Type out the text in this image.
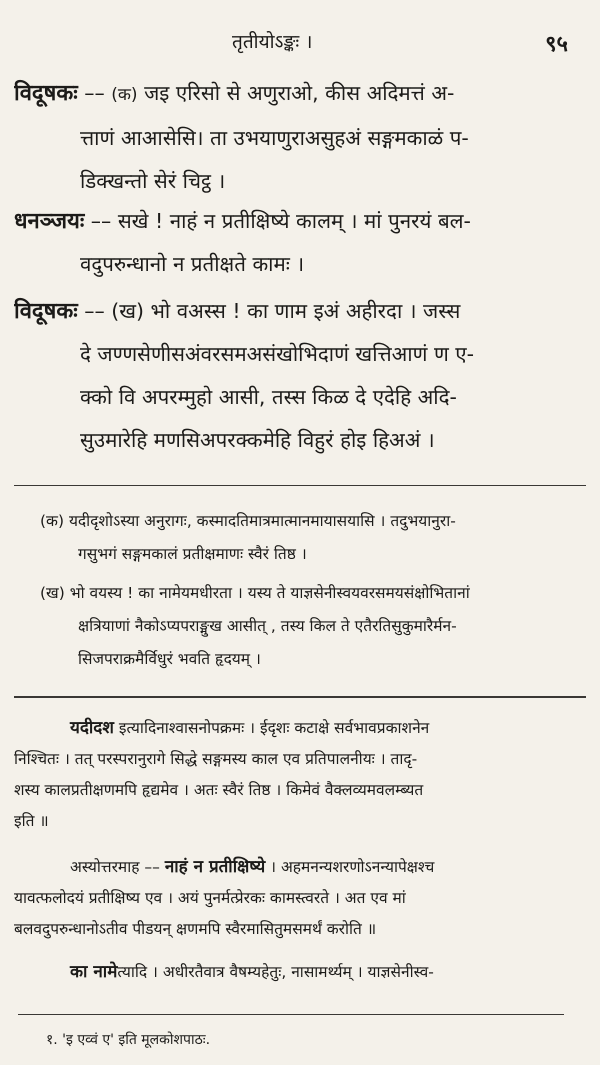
तृतीयोऽङ्कः ।	९५
विदूषकः –– (क) जइ एरिसो से अणुराओ, कीस अदिमत्तं अ-
त्ताणं आआसेसि। ता उभयाणुराअसुहअं सङ्गमकाळं प-
डिक्खन्तो सेरं चिट्ठ ।
धनञ्जयः –– सखे ! नाहं न प्रतीक्षिष्ये कालम् । मां पुनरयं बल-
वदुपरुन्धानो न प्रतीक्षते कामः ।
विदूषकः –– (ख) भो वअस्स ! का णाम इअं अहीरदा । जस्स
दे जण्णसेणीसअंवरसमअसंखोभिदाणं खत्तिआणं ण ए-
क्को वि अपरम्मुहो आसी, तस्स किळ दे एदेहि अदि-
सुउमारेहि मणसिअपरक्कमेहि विहुरं होइ हिअअं ।
(क) यदीदृशोऽस्या अनुरागः, कस्मादतिमात्रमात्मानमायासयासि । तदुभयानुरा-
गसुभगं सङ्गमकालं प्रतीक्षमाणः स्वैरं तिष्ठ ।
(ख) भो वयस्य ! का नामेयमधीरता । यस्य ते याज्ञसेनीस्वयवरसमयसंक्षोभितानां
क्षत्रियाणां नैकोऽप्यपराङ्मुख आसीत् , तस्य किल ते एतैरतिसुकुमारैर्मन-
सिजपराक्रमैर्विधुरं भवति हृदयम् ।
यदीदश इत्यादिनाश्वासनोपक्रमः । ईदृशः कटाक्षे सर्वभावप्रकाशनेन
निश्चितः । तत् परस्परानुरागे सिद्धे सङ्गमस्य काल एव प्रतिपालनीयः । तादृ-
शस्य कालप्रतीक्षणमपि हृद्यमेव । अतः स्वैरं तिष्ठ । किमेवं वैक्लव्यमवलम्ब्यत
इति ॥
अस्योत्तरमाह –– नाहं न प्रतीक्षिष्ये । अहमनन्यशरणोऽनन्यापेक्षश्च
यावत्फलोदयं प्रतीक्षिष्य एव । अयं पुनर्मत्प्रेरकः कामस्त्वरते । अत एव मां
बलवदुपरुन्धानोऽतीव पीडयन् क्षणमपि स्वैरमासितुमसमर्थं करोति ॥
का नामेत्यादि । अधीरतैवात्र वैषम्यहेतुः, नासामर्थ्यम् । याज्ञसेनीस्व-
१. 'इ एव्वं ए' इति मूलकोशपाठः.
